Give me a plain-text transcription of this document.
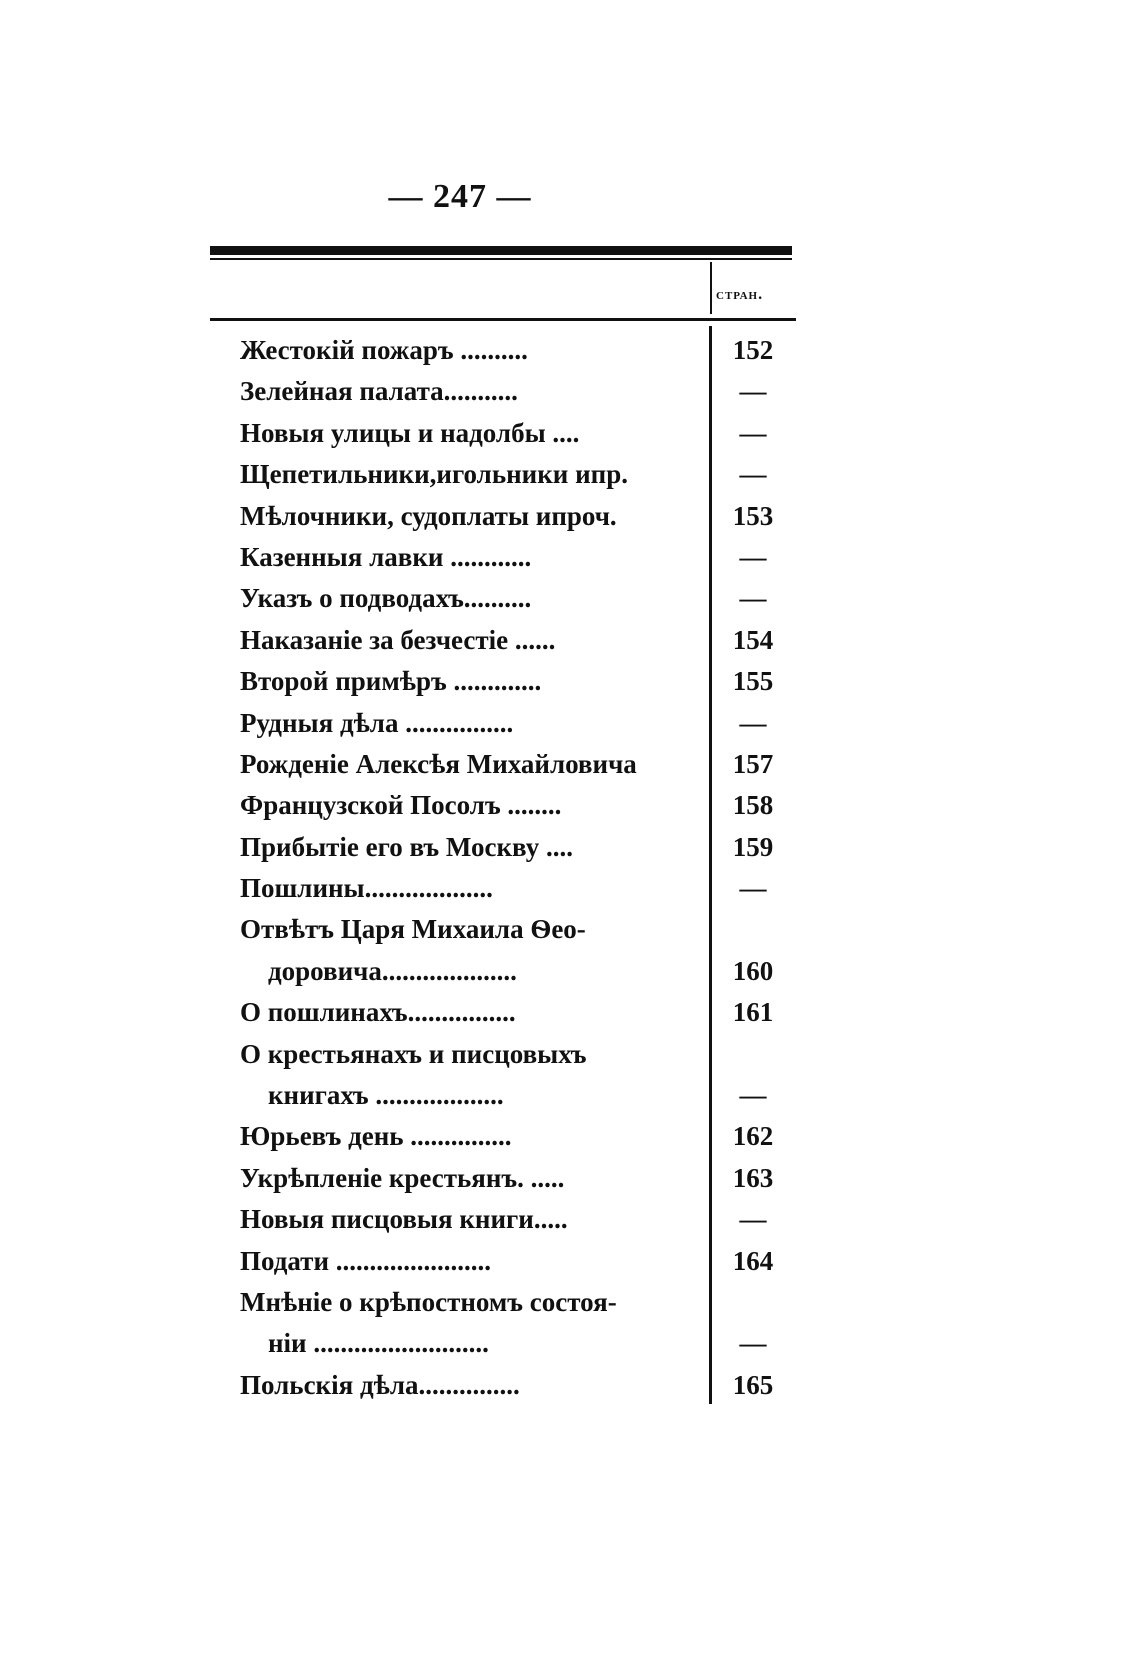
— 247 —
стран.
Жестокій пожаръ ..........	152
Зелейная палата...........	—
Новыя улицы и надолбы ....	—
Щепетильники,игольники ипр.	—
Мѣлочники, судоплаты ипроч.	153
Казенныя лавки ............	—
Указъ о подводахъ..........	—
Наказаніе за безчестіе ......	154
Второй примѣръ .............	155
Рудныя дѣла ................	—
Рожденіе Алексѣя Михайловича	157
Французской Посолъ ........	158
Прибытіе его въ Москву ....	159
Пошлины...................	—
Отвѣтъ Царя Михаила Ѳео-
доровича....................	160
О пошлинахъ................	161
О крестьянахъ и писцовыхъ
книгахъ ...................	—
Юрьевъ день ...............	162
Укрѣпленіе крестьянъ. .....	163
Новыя писцовыя книги.....	—
Подати .......................	164
Мнѣніе о крѣпостномъ состоя-
ніи ..........................	—
Польскія дѣла...............	165
